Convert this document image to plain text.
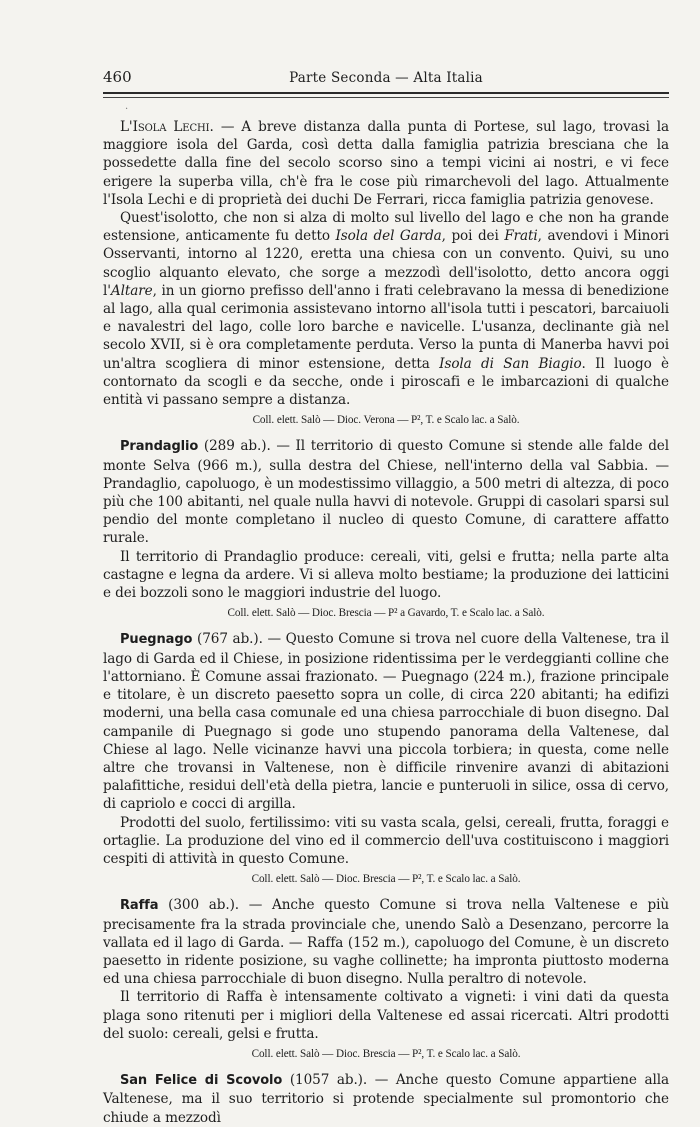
460	Parte Seconda — Alta Italia
.

L'Isola Lechi. — A breve distanza dalla punta di Portese, sul lago, trovasi la maggiore isola del Garda, così detta dalla famiglia patrizia bresciana che la possedette dalla fine del secolo scorso sino a tempi vicini ai nostri, e vi fece erigere la superba villa, ch'è fra le cose più rimarchevoli del lago. Attualmente l'Isola Lechi e di proprietà dei duchi De Ferrari, ricca famiglia patrizia genovese.

Quest'isolotto, che non si alza di molto sul livello del lago e che non ha grande estensione, anticamente fu detto Isola del Garda, poi dei Frati, avendovi i Minori Osservanti, intorno al 1220, eretta una chiesa con un convento. Quivi, su uno scoglio alquanto elevato, che sorge a mezzodì dell'isolotto, detto ancora oggi l'Altare, in un giorno prefisso dell'anno i frati celebravano la messa di benedizione al lago, alla qual cerimonia assistevano intorno all'isola tutti i pescatori, barcaiuoli e navalestri del lago, colle loro barche e navicelle. L'usanza, declinante già nel secolo XVII, si è ora completamente perduta. Verso la punta di Manerba havvi poi un'altra scogliera di minor estensione, detta Isola di San Biagio. Il luogo è contornato da scogli e da secche, onde i piroscafi e le imbarcazioni di qualche entità vi passano sempre a distanza.

Coll. elett. Salò — Dioc. Verona — P², T. e Scalo lac. a Salò.

Prandaglio (289 ab.). — Il territorio di questo Comune si stende alle falde del monte Selva (966 m.), sulla destra del Chiese, nell'interno della val Sabbia. — Prandaglio, capoluogo, è un modestissimo villaggio, a 500 metri di altezza, di poco più che 100 abitanti, nel quale nulla havvi di notevole. Gruppi di casolari sparsi sul pendio del monte completano il nucleo di questo Comune, di carattere affatto rurale.

Il territorio di Prandaglio produce: cereali, viti, gelsi e frutta; nella parte alta castagne e legna da ardere. Vi si alleva molto bestiame; la produzione dei latticini e dei bozzoli sono le maggiori industrie del luogo.

Coll. elett. Salò — Dioc. Brescia — P² a Gavardo, T. e Scalo lac. a Salò.

Puegnago (767 ab.). — Questo Comune si trova nel cuore della Valtenese, tra il lago di Garda ed il Chiese, in posizione ridentissima per le verdeggianti colline che l'attorniano. È Comune assai frazionato. — Puegnago (224 m.), frazione principale e titolare, è un discreto paesetto sopra un colle, di circa 220 abitanti; ha edifizi moderni, una bella casa comunale ed una chiesa parrocchiale di buon disegno. Dal campanile di Puegnago si gode uno stupendo panorama della Valtenese, dal Chiese al lago. Nelle vicinanze havvi una piccola torbiera; in questa, come nelle altre che trovansi in Valtenese, non è difficile rinvenire avanzi di abitazioni palafittiche, residui dell'età della pietra, lancie e punteruoli in silice, ossa di cervo, di capriolo e cocci di argilla.

Prodotti del suolo, fertilissimo: viti su vasta scala, gelsi, cereali, frutta, foraggi e ortaglie. La produzione del vino ed il commercio dell'uva costituiscono i maggiori cespiti di attività in questo Comune.

Coll. elett. Salò — Dioc. Brescia — P², T. e Scalo lac. a Salò.

Raffa (300 ab.). — Anche questo Comune si trova nella Valtenese e più precisamente fra la strada provinciale che, unendo Salò a Desenzano, percorre la vallata ed il lago di Garda. — Raffa (152 m.), capoluogo del Comune, è un discreto paesetto in ridente posizione, su vaghe collinette; ha impronta piuttosto moderna ed una chiesa parrocchiale di buon disegno. Nulla peraltro di notevole.

Il territorio di Raffa è intensamente coltivato a vigneti: i vini dati da questa plaga sono ritenuti per i migliori della Valtenese ed assai ricercati. Altri prodotti del suolo: cereali, gelsi e frutta.

Coll. elett. Salò — Dioc. Brescia — P², T. e Scalo lac. a Salò.

San Felice di Scovolo (1057 ab.). — Anche questo Comune appartiene alla Valtenese, ma il suo territorio si protende specialmente sul promontorio che chiude a mezzodì
